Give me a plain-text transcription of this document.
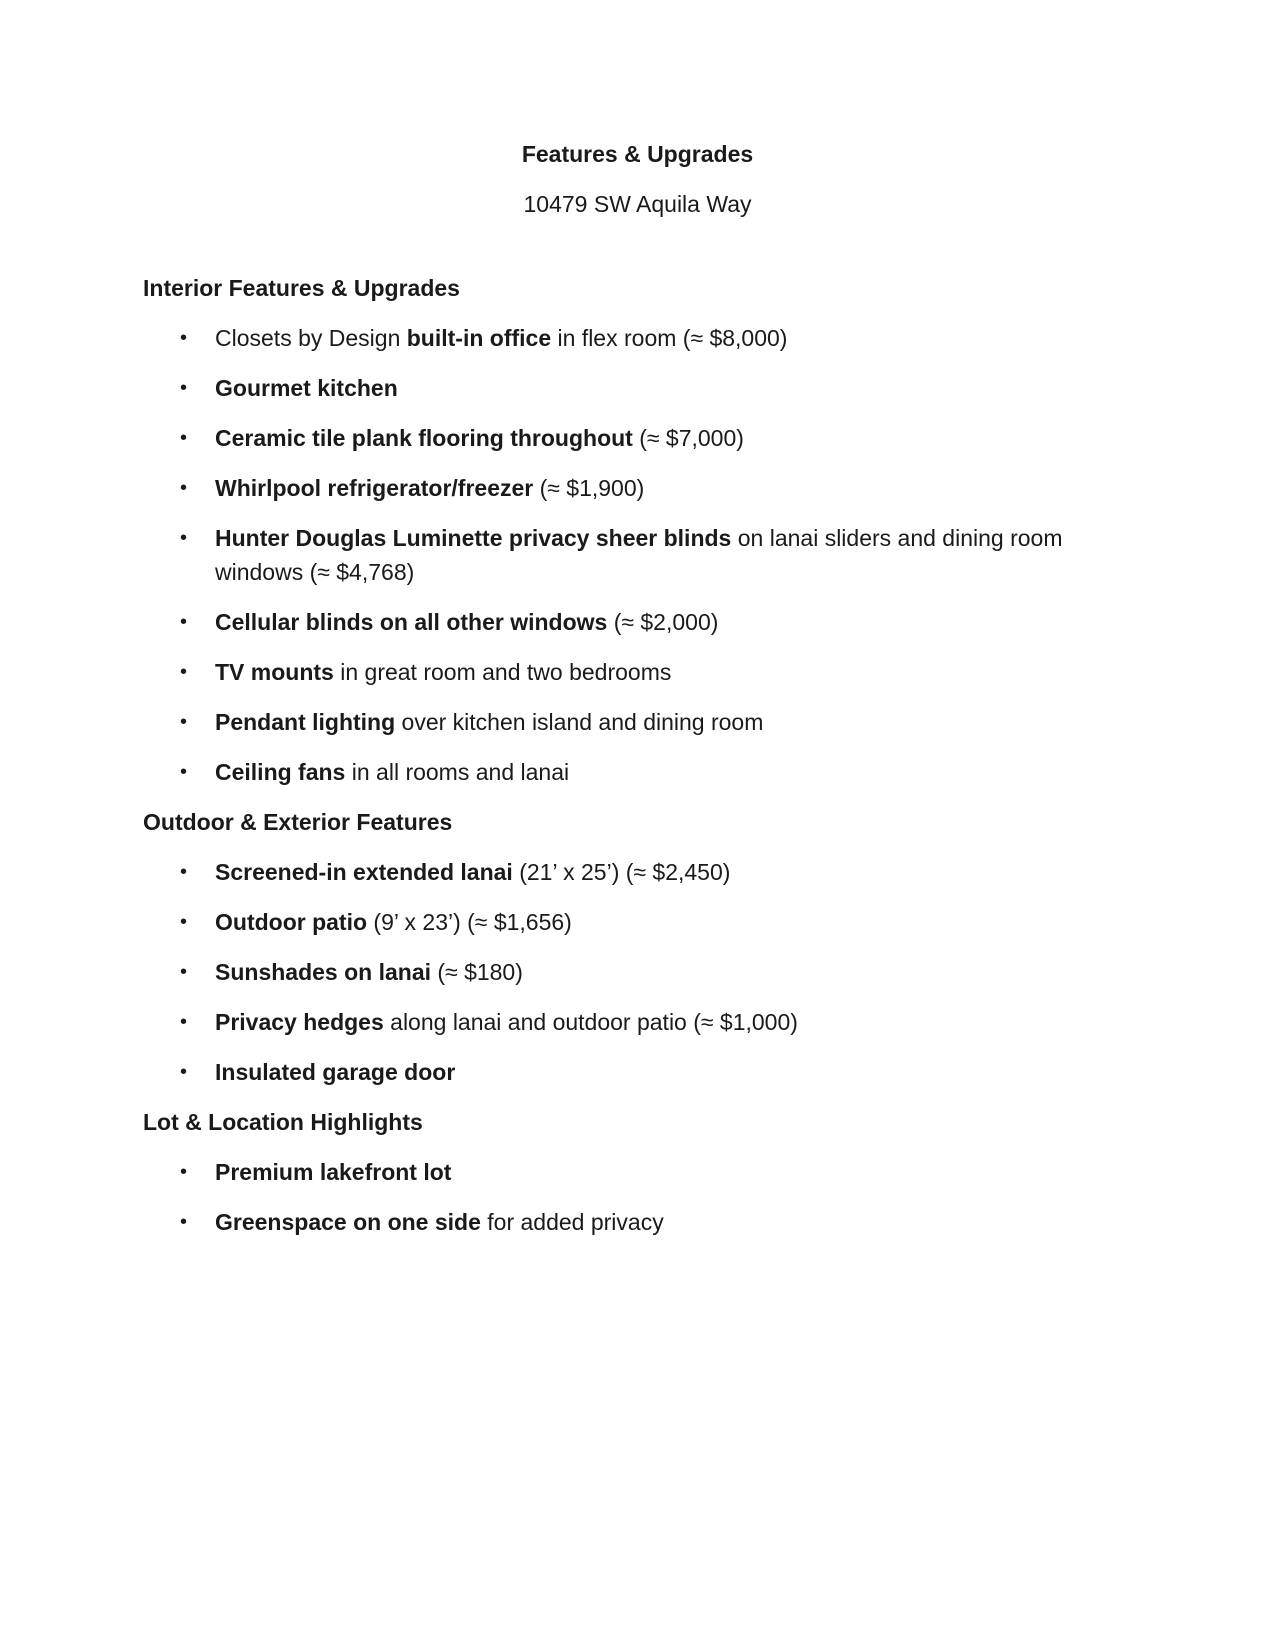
Features & Upgrades
10479 SW Aquila Way
Interior Features & Upgrades
• Closets by Design built-in office in flex room (≈ $8,000)
• Gourmet kitchen
• Ceramic tile plank flooring throughout (≈ $7,000)
• Whirlpool refrigerator/freezer (≈ $1,900)
• Hunter Douglas Luminette privacy sheer blinds on lanai sliders and dining room windows (≈ $4,768)
• Cellular blinds on all other windows (≈ $2,000)
• TV mounts in great room and two bedrooms
• Pendant lighting over kitchen island and dining room
• Ceiling fans in all rooms and lanai
Outdoor & Exterior Features
• Screened-in extended lanai (21’ x 25’) (≈ $2,450)
• Outdoor patio (9’ x 23’) (≈ $1,656)
• Sunshades on lanai (≈ $180)
• Privacy hedges along lanai and outdoor patio (≈ $1,000)
• Insulated garage door
Lot & Location Highlights
• Premium lakefront lot
• Greenspace on one side for added privacy
